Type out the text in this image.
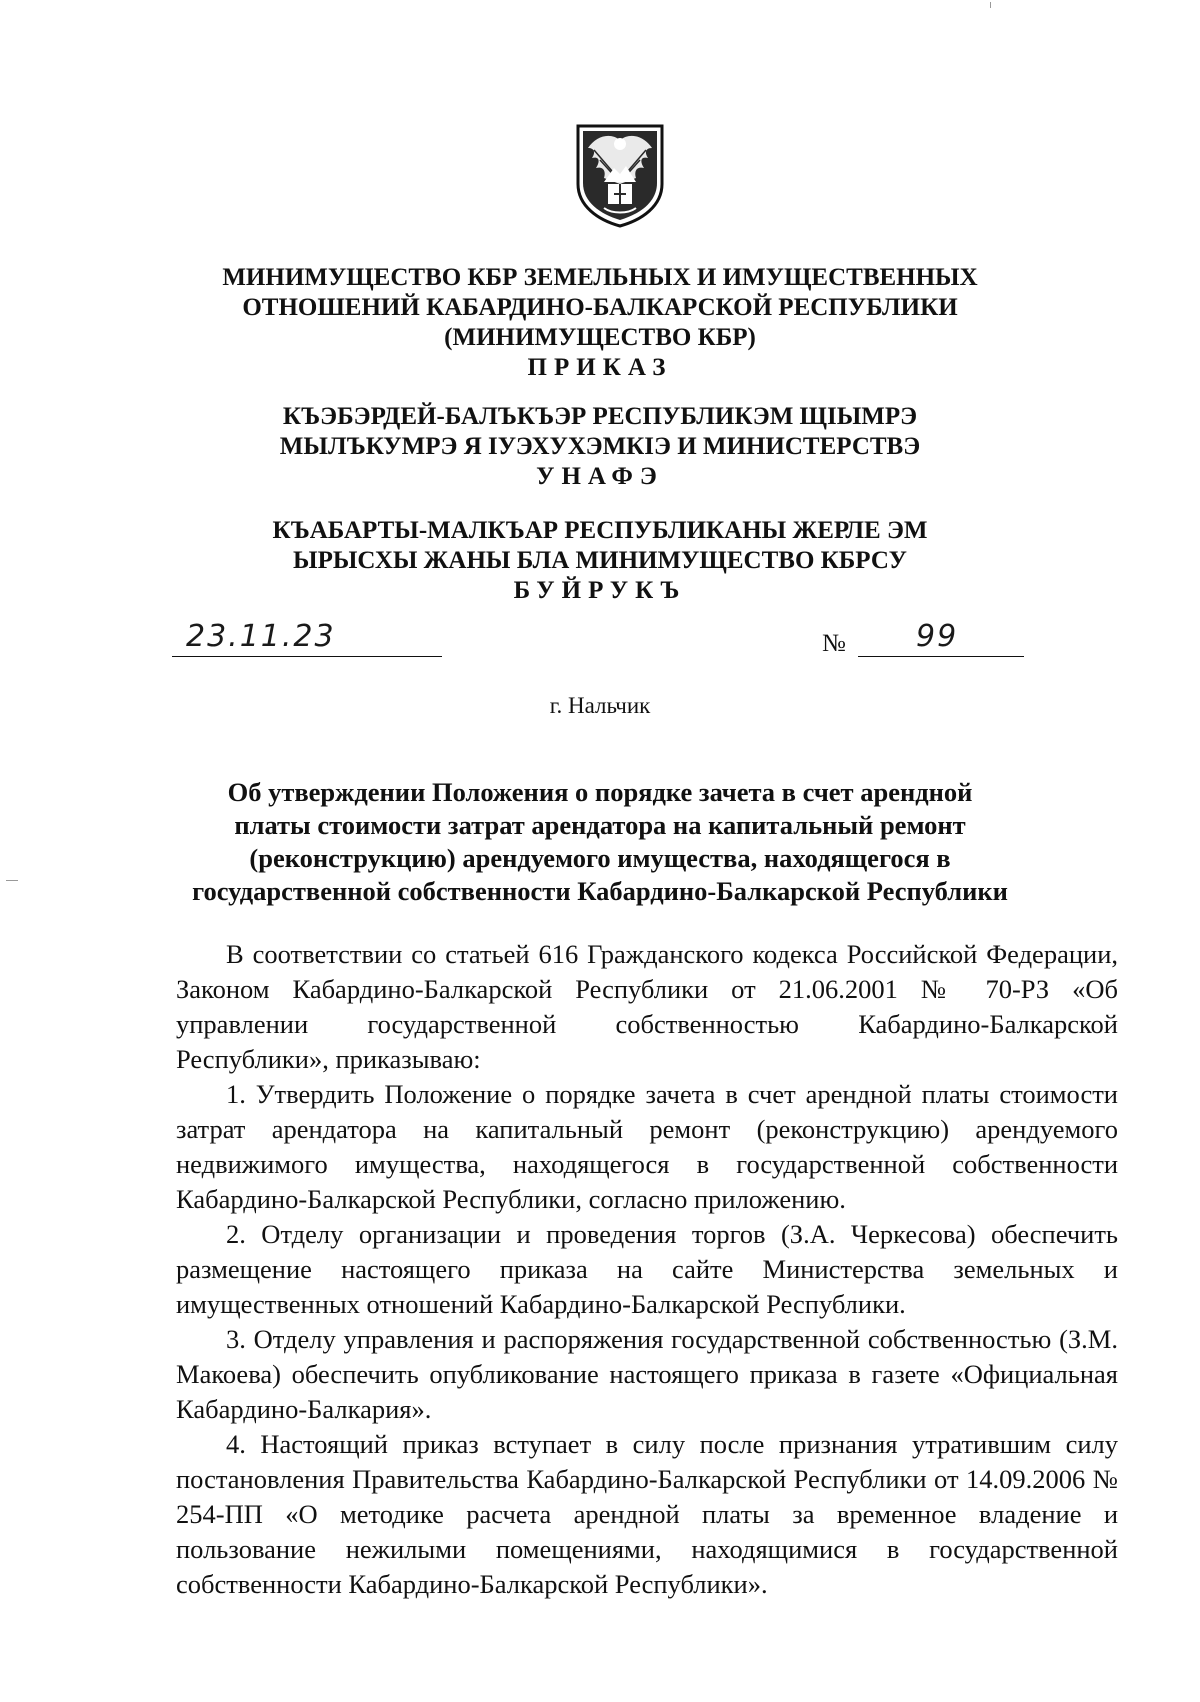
МИНИМУЩЕСТВО КБР ЗЕМЕЛЬНЫХ И ИМУЩЕСТВЕННЫХ
ОТНОШЕНИЙ КАБАРДИНО-БАЛКАРСКОЙ РЕСПУБЛИКИ
(МИНИМУЩЕСТВО КБР)
ПРИКАЗ
КЪЭБЭРДЕЙ-БАЛЪКЪЭР РЕСПУБЛИКЭМ ЩIЫМРЭ
МЫЛЪКУМРЭ Я IУЭХУХЭМКIЭ И МИНИСТЕРСТВЭ
УНАФЭ
КЪАБАРТЫ-МАЛКЪАР РЕСПУБЛИКАНЫ ЖЕРЛЕ ЭМ
ЫРЫСХЫ ЖАНЫ БЛА МИНИМУЩЕСТВО КБРСУ
БУЙРУКЪ
23.11.23	№ 99
г. Нальчик
Об утверждении Положения о порядке зачета в счет арендной
платы стоимости затрат арендатора на капитальный ремонт
(реконструкцию) арендуемого имущества, находящегося в
государственной собственности Кабардино-Балкарской Республики

В соответствии со статьей 616 Гражданского кодекса Российской Федерации, Законом Кабардино-Балкарской Республики от 21.06.2001 № 70-РЗ «Об управлении государственной собственностью Кабардино-Балкарской Республики», приказываю:

1. Утвердить Положение о порядке зачета в счет арендной платы стоимости затрат арендатора на капитальный ремонт (реконструкцию) арендуемого недвижимого имущества, находящегося в государственной собственности Кабардино-Балкарской Республики, согласно приложению.

2. Отделу организации и проведения торгов (З.А. Черкесова) обеспечить размещение настоящего приказа на сайте Министерства земельных и имущественных отношений Кабардино-Балкарской Республики.

3. Отделу управления и распоряжения государственной собственностью (З.М. Макоева) обеспечить опубликование настоящего приказа в газете «Официальная Кабардино-Балкария».

4. Настоящий приказ вступает в силу после признания утратившим силу постановления Правительства Кабардино-Балкарской Республики от 14.09.2006 № 254-ПП «О методике расчета арендной платы за временное владение и пользование нежилыми помещениями, находящимися в государственной собственности Кабардино-Балкарской Республики».
